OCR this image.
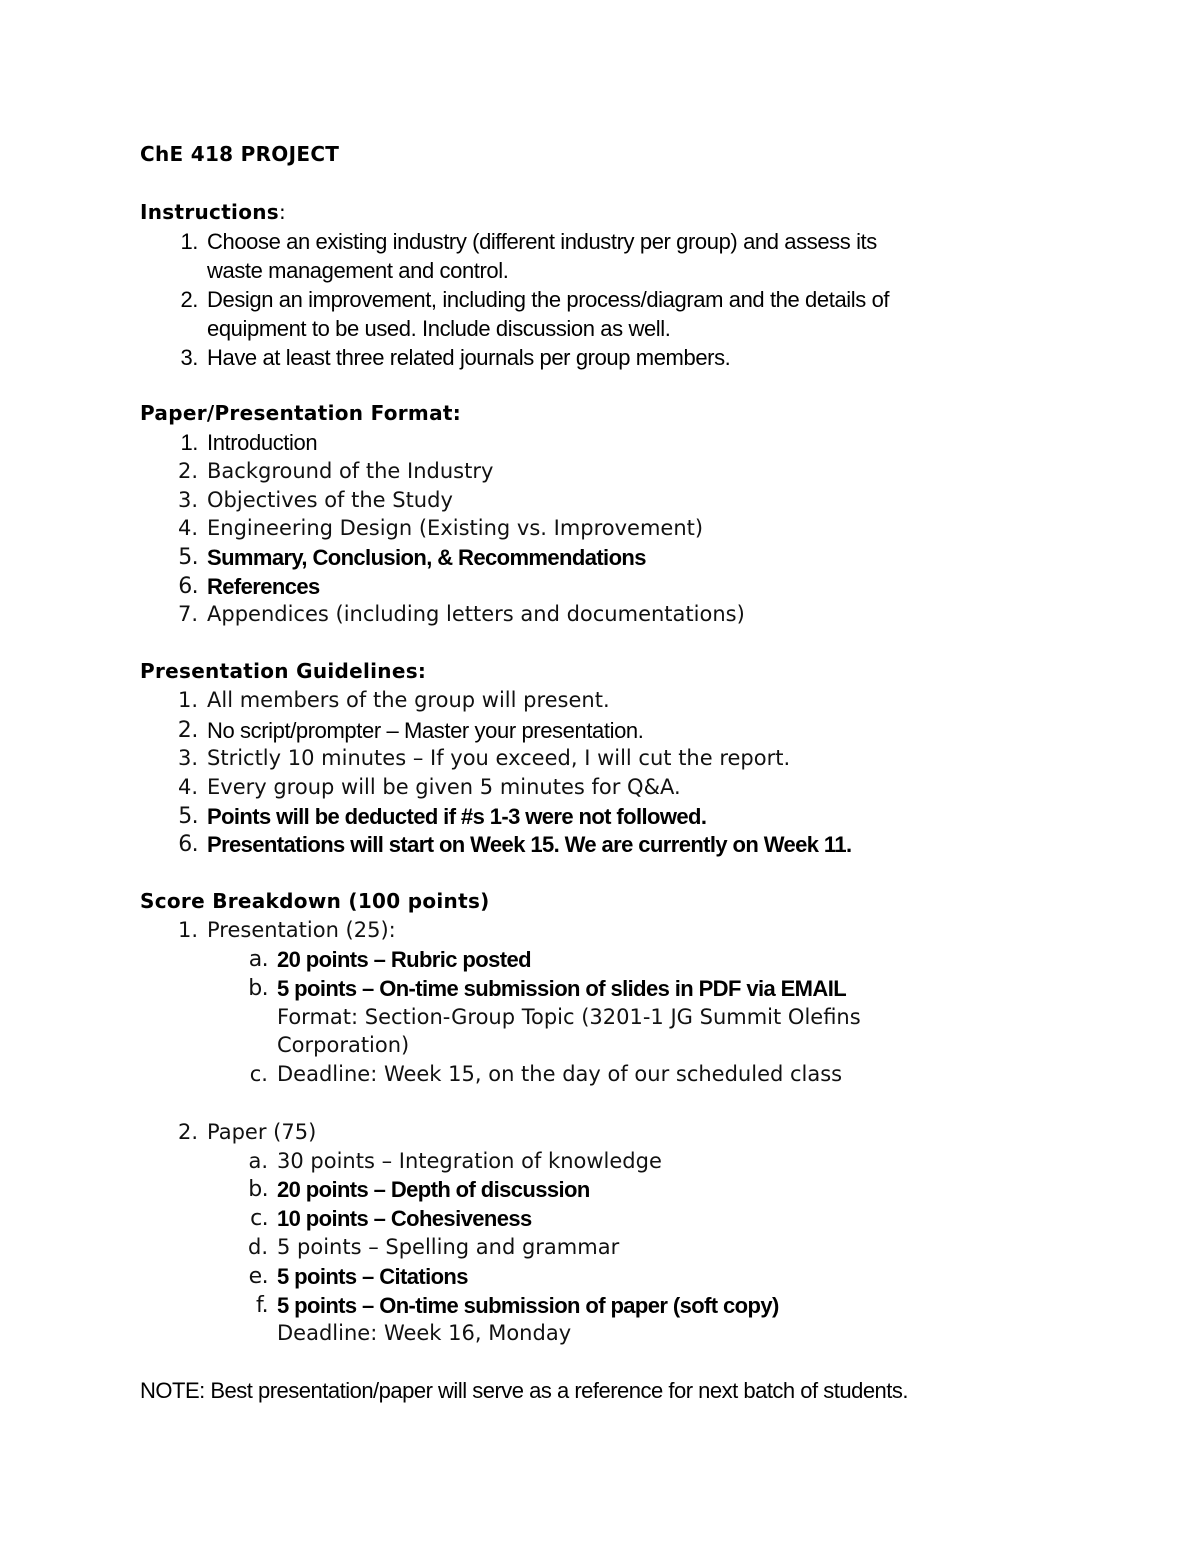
ChE 418 PROJECT
Instructions:
1. Choose an existing industry (different industry per group) and assess its
waste management and control.
2. Design an improvement, including the process/diagram and the details of
equipment to be used. Include discussion as well.
3. Have at least three related journals per group members.
Paper/Presentation Format:
1. Introduction
2. Background of the Industry
3. Objectives of the Study
4. Engineering Design (Existing vs. Improvement)
5. Summary, Conclusion, & Recommendations
6. References
7. Appendices (including letters and documentations)
Presentation Guidelines:
1. All members of the group will present.
2. No script/prompter – Master your presentation.
3. Strictly 10 minutes – If you exceed, I will cut the report.
4. Every group will be given 5 minutes for Q&A.
5. Points will be deducted if #s 1-3 were not followed.
6. Presentations will start on Week 15. We are currently on Week 11.
Score Breakdown (100 points)
1. Presentation (25):
a. 20 points – Rubric posted
b. 5 points – On-time submission of slides in PDF via EMAIL
Format: Section-Group Topic (3201-1 JG Summit Olefins
Corporation)
c. Deadline: Week 15, on the day of our scheduled class
2. Paper (75)
a. 30 points – Integration of knowledge
b. 20 points – Depth of discussion
c. 10 points – Cohesiveness
d. 5 points – Spelling and grammar
e. 5 points – Citations
f. 5 points – On-time submission of paper (soft copy)
Deadline: Week 16, Monday
NOTE: Best presentation/paper will serve as a reference for next batch of students.
